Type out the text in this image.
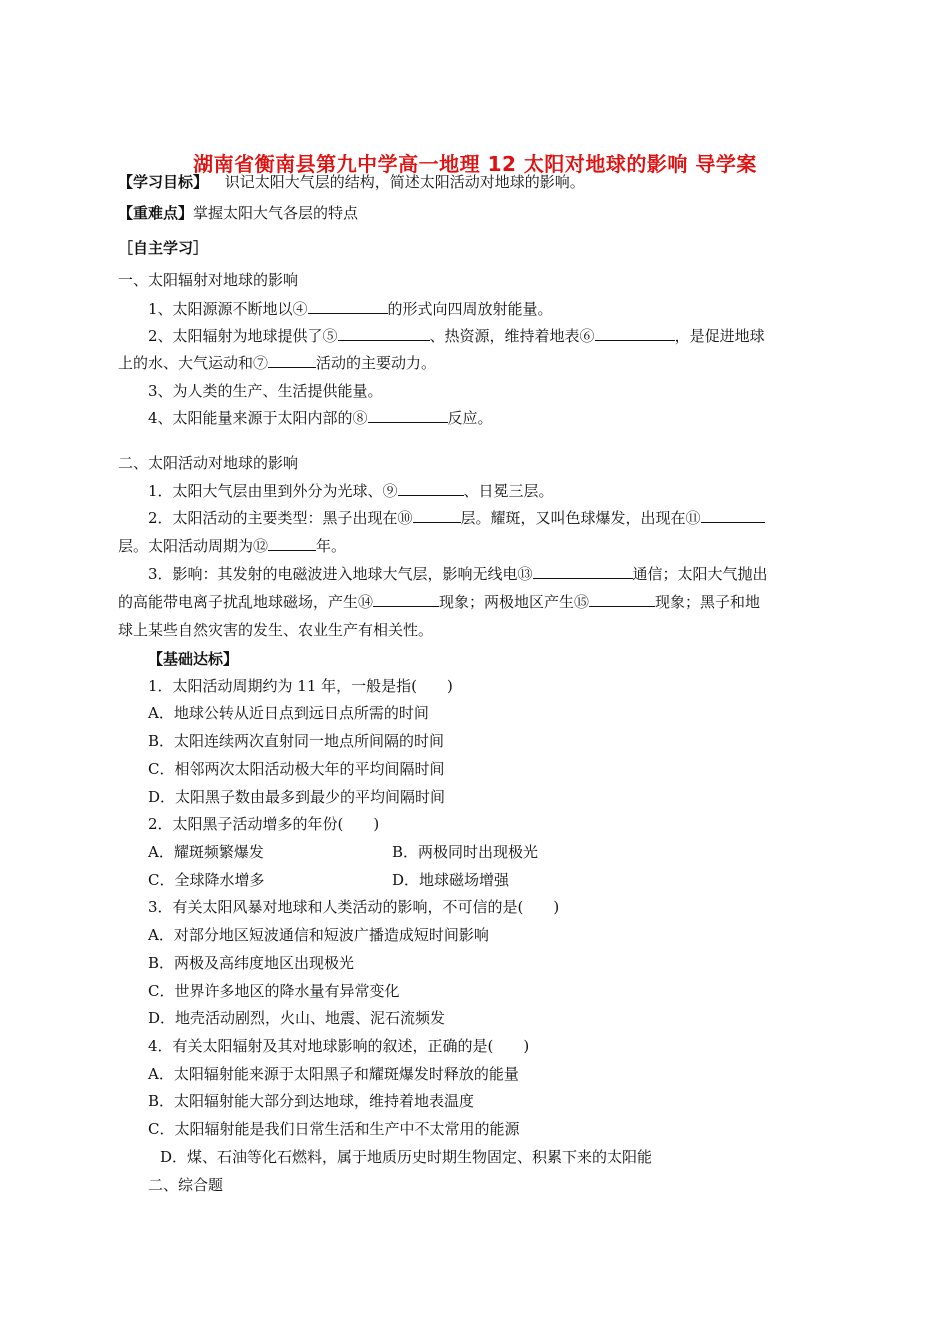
湖南省衡南县第九中学高一地理 12 太阳对地球的影响 导学案
【学习目标】 识记太阳大气层的结构，简述太阳活动对地球的影响。
【重难点】掌握太阳大气各层的特点
［自主学习］
一、太阳辐射对地球的影响
1、太阳源源不断地以④	的形式向四周放射能量。
2、太阳辐射为地球提供了⑤	、热资源，维持着地表⑥	，是促进地球
上的水、大气运动和⑦	活动的主要动力。
3、为人类的生产、生活提供能量。
4、太阳能量来源于太阳内部的⑧	反应。
二、太阳活动对地球的影响
1．太阳大气层由里到外分为光球、⑨	、日冕三层。
2．太阳活动的主要类型：黑子出现在⑩	层。耀斑，又叫色球爆发，出现在⑪
层。太阳活动周期为⑫	年。
3．影响：其发射的电磁波进入地球大气层，影响无线电⑬	通信；太阳大气抛出
的高能带电离子扰乱地球磁场，产生⑭	现象；两极地区产生⑮	现象；黑子和地
球上某些自然灾害的发生、农业生产有相关性。
【基础达标】
1．太阳活动周期约为 11 年，一般是指(　　)
A．地球公转从近日点到远日点所需的时间
B．太阳连续两次直射同一地点所间隔的时间
C．相邻两次太阳活动极大年的平均间隔时间
D．太阳黑子数由最多到最少的平均间隔时间
2．太阳黑子活动增多的年份(　　)
A．耀斑频繁爆发	B．两极同时出现极光
C．全球降水增多	D．地球磁场增强
3．有关太阳风暴对地球和人类活动的影响，不可信的是(　　)
A．对部分地区短波通信和短波广播造成短时间影响
B．两极及高纬度地区出现极光
C．世界许多地区的降水量有异常变化
D．地壳活动剧烈，火山、地震、泥石流频发
4．有关太阳辐射及其对地球影响的叙述，正确的是(　　)
A．太阳辐射能来源于太阳黑子和耀斑爆发时释放的能量
B．太阳辐射能大部分到达地球，维持着地表温度
C．太阳辐射能是我们日常生活和生产中不太常用的能源
D．煤、石油等化石燃料，属于地质历史时期生物固定、积累下来的太阳能
二、综合题
